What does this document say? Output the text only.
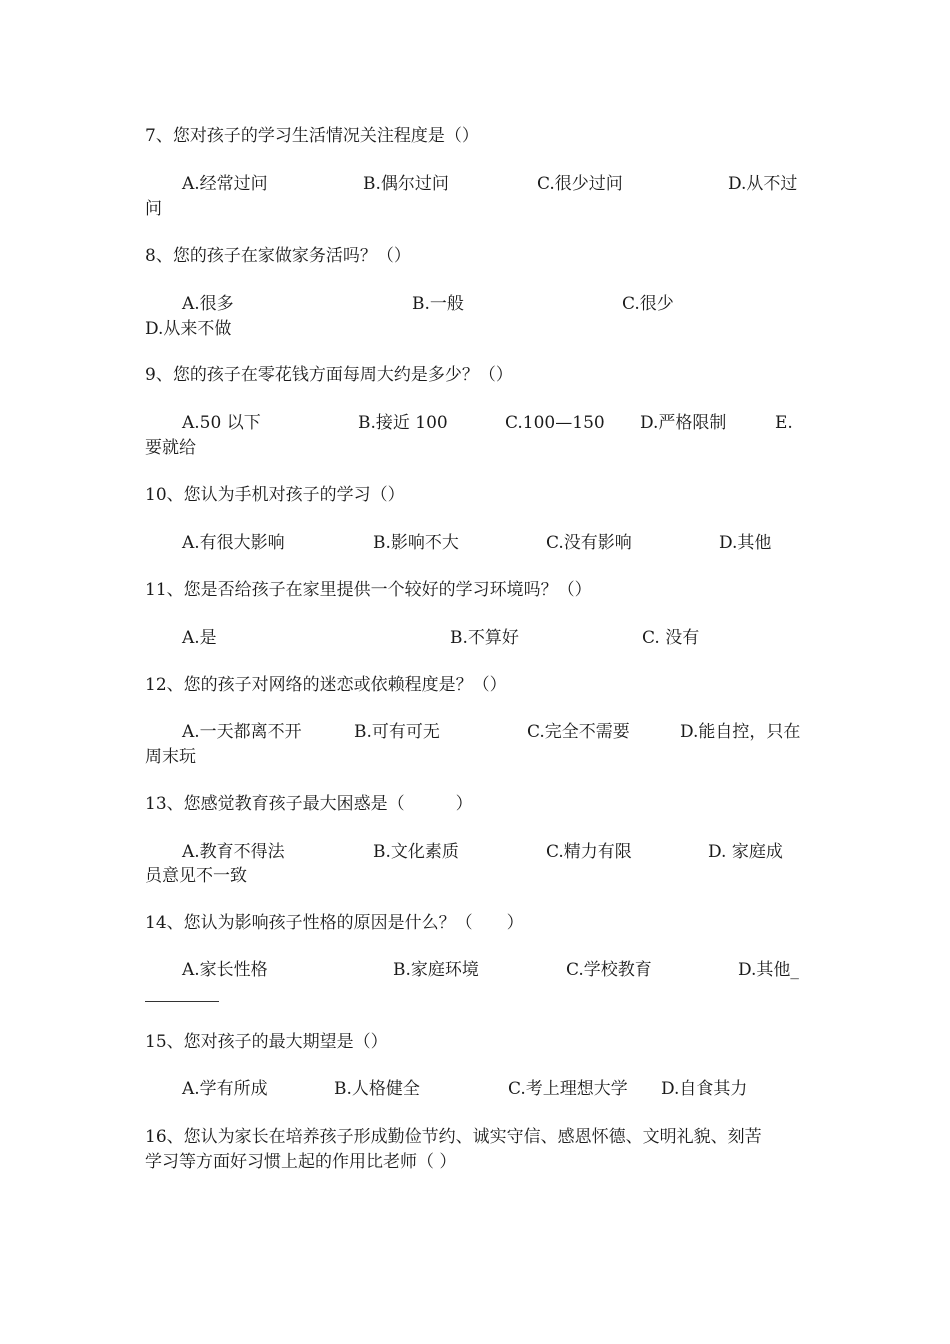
7、您对孩子的学习生活情况关注程度是（）
A.经常过问	B.偶尔过问	C.很少过问	D.从不过
问
8、您的孩子在家做家务活吗？（）
A.很多	B.一般	C.很少
D.从来不做
9、您的孩子在零花钱方面每周大约是多少？（）
A.50 以下	B.接近 100	C.100—150 D.严格限制	E.
要就给
10、您认为手机对孩子的学习（）
A.有很大影响	B.影响不大	C.没有影响	D.其他
11、您是否给孩子在家里提供一个较好的学习环境吗？（）
A.是	B.不算好	C. 没有
12、您的孩子对网络的迷恋或依赖程度是？（）
A.一天都离不开	B.可有可无	C.完全不需要	D.能自控，只在
周末玩
13、您感觉教育孩子最大困惑是（　　　）
A.教育不得法	B.文化素质	C.精力有限	D. 家庭成
员意见不一致
14、您认为影响孩子性格的原因是什么？（　　）
A.家长性格	B.家庭环境	C.学校教育	D.其他_
15、您对孩子的最大期望是（）
A.学有所成	B.人格健全	C.考上理想大学 D.自食其力
16、您认为家长在培养孩子形成勤俭节约、诚实守信、感恩怀德、文明礼貌、刻苦
学习等方面好习惯上起的作用比老师（ ）
